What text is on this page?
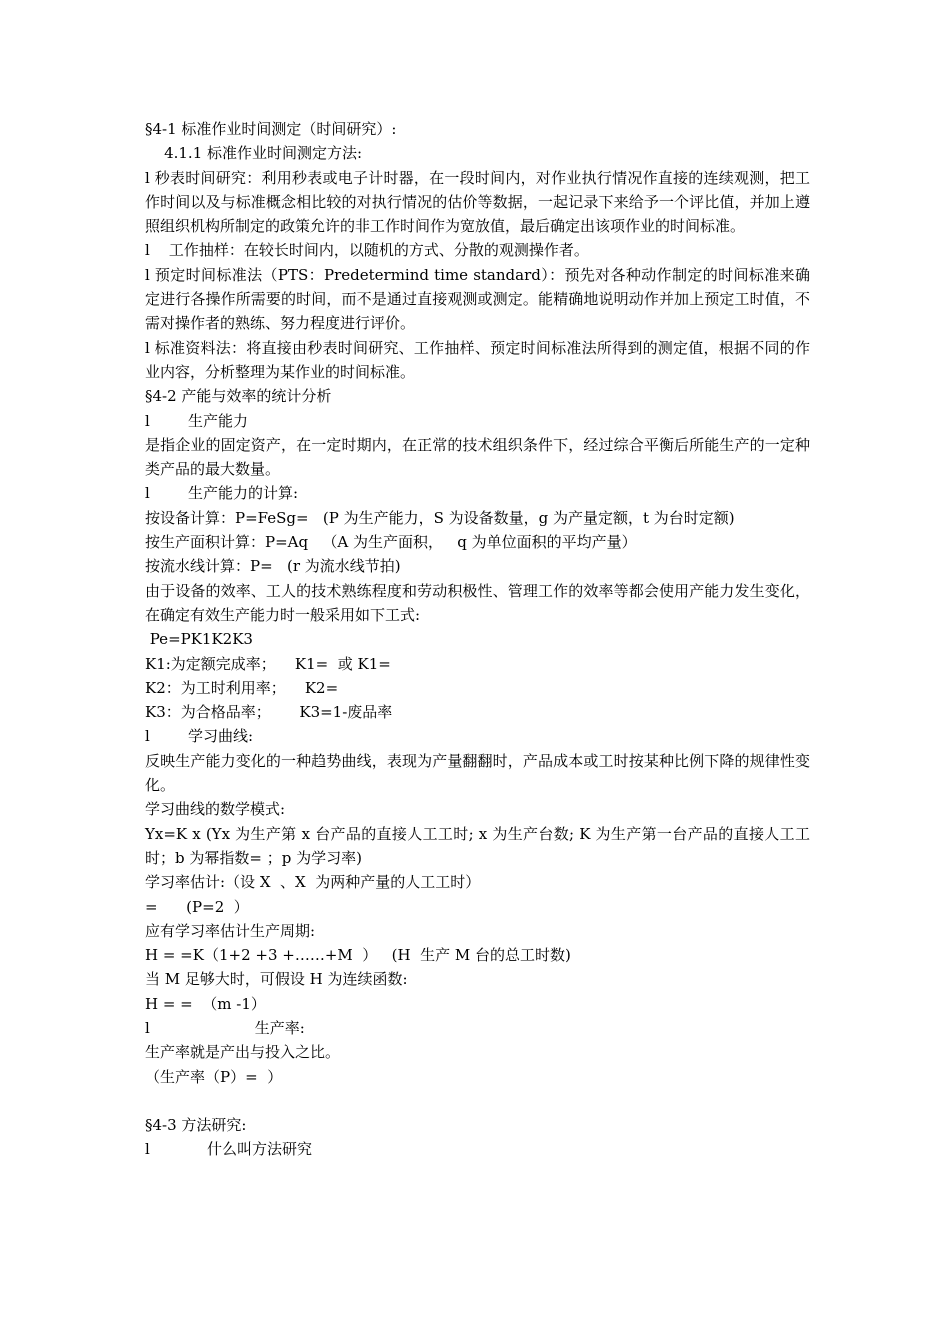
§4-1 标准作业时间测定（时间研究）:
4.1.1 标准作业时间测定方法:
l 秒表时间研究：利用秒表或电子计时器，在一段时间内，对作业执行情况作直接的连续观测，把工作时间以及与标准概念相比较的对执行情况的估价等数据，一起记录下来给予一个评比值，并加上遵照组织机构所制定的政策允许的非工作时间作为宽放值，最后确定出该项作业的时间标准。
l    工作抽样：在较长时间内，以随机的方式、分散的观测操作者。
l 预定时间标准法（PTS：Predetermind time standard）：预先对各种动作制定的时间标准来确定进行各操作所需要的时间，而不是通过直接观测或测定。能精确地说明动作并加上预定工时值，不需对操作者的熟练、努力程度进行评价。
l 标准资料法：将直接由秒表时间研究、工作抽样、预定时间标准法所得到的测定值，根据不同的作业内容，分析整理为某作业的时间标准。
§4-2 产能与效率的统计分析
l        生产能力
是指企业的固定资产，在一定时期内，在正常的技术组织条件下，经过综合平衡后所能生产的一定种类产品的最大数量。
l        生产能力的计算:
按设备计算：P=FeSg=   (P 为生产能力，S 为设备数量，g 为产量定额，t 为台时定额)
按生产面积计算：P=Aq   （A 为生产面积，   q 为单位面积的平均产量）
按流水线计算：P=   (r 为流水线节拍)
由于设备的效率、工人的技术熟练程度和劳动积极性、管理工作的效率等都会使用产能力发生变化，在确定有效生产能力时一般采用如下工式:
Pe=PK1K2K3
K1:为定额完成率；    K1=  或 K1=
K2：为工时利用率；    K2=
K3：为合格品率；      K3=1-废品率
l        学习曲线:
反映生产能力变化的一种趋势曲线，表现为产量翻翻时，产品成本或工时按某种比例下降的规律性变化。
学习曲线的数学模式:
Yx=K x (Yx 为生产第 x 台产品的直接人工工时; x 为生产台数; K 为生产第一台产品的直接人工工时；b 为幂指数= ；p 为学习率)
学习率估计:（设 X  、X  为两种产量的人工工时）
=      (P=2  ）
应有学习率估计生产周期:
H = =K（1+2 +3 +……+M  ）   (H  生产 M 台的总工时数)
当 M 足够大时，可假设 H 为连续函数:
H = =  （m -1）
l                      生产率:
生产率就是产出与投入之比。
（生产率（P）=  ）
§4-3 方法研究:
l            什么叫方法研究
